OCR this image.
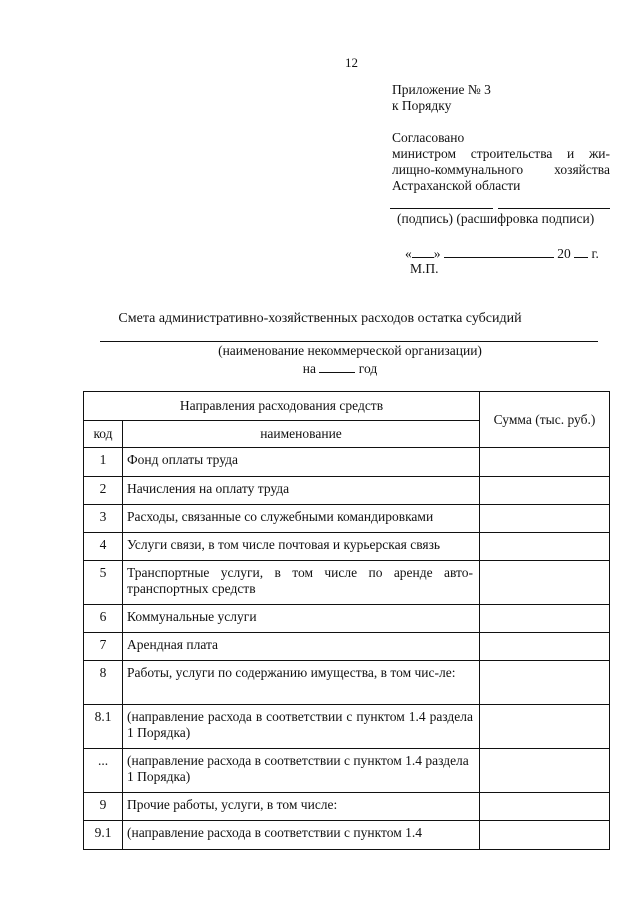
12
Приложение № 3
к Порядку
Согласовано
министром строительства и жи-
лищно-коммунального хозяйства
Астраханской области
(подпись) (расшифровка подписи)
« »	20 г.
М.П.
Смета административно-хозяйственных расходов остатка субсидий
(наименование некоммерческой организации)
на	год
Направления расходования средств		Сумма (тыс. руб.)
код	наименование	
1	Фонд оплаты труда	
2	Начисления на оплату труда	
3	Расходы, связанные со служебными командировками	
4	Услуги связи, в том числе почтовая и курьерская связь	
5	Транспортные услуги, в том числе по аренде авто-транспортных средств	
6	Коммунальные услуги	
7	Арендная плата	
8	Работы, услуги по содержанию имущества, в том чис-ле:	
8.1	(направление расхода в соответствии с пунктом 1.4 раздела 1 Порядка)	
...	(направление расхода в соответствии с пунктом 1.4 раздела 1 Порядка)	
9	Прочие работы, услуги, в том числе:	
9.1	(направление расхода в соответствии с пунктом 1.4	
